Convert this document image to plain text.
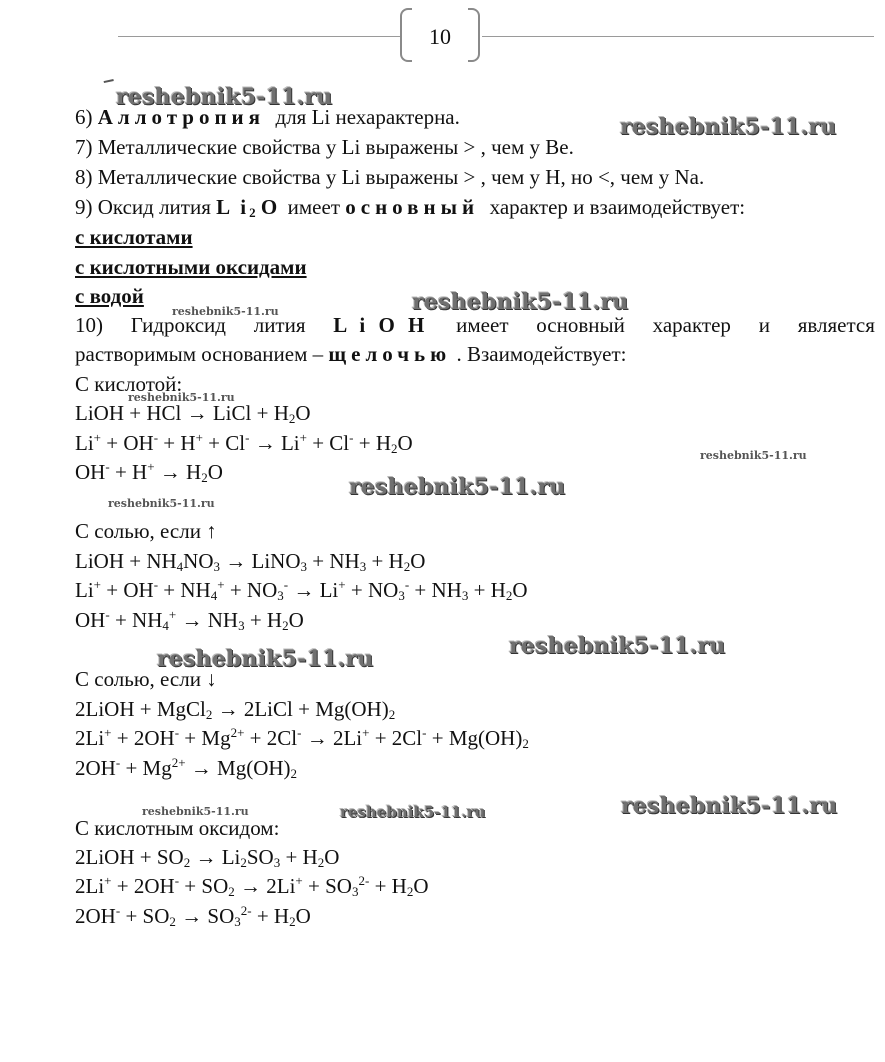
10
reshebnik5-11.ru
reshebnik5-11.ru
reshebnik5-11.ru	reshebnik5-11.ru
reshebnik5-11.ru
reshebnik5-11.ru
reshebnik5-11.ru
reshebnik5-11.ru
reshebnik5-11.ru
reshebnik5-11.ru
reshebnik5-11.ru
reshebnik5-11.ru	reshebnik5-11.ru
6) Аллотропия для Li нехарактерна.
7) Металлические свойства у Li выражены > , чем у Be.
8) Металлические свойства у Li выражены > , чем у H, но <, чем у Na.
9) Оксид лития L $i_2$ O имеет основный характер и взаимодействует:
с кислотами
с кислотными оксидами
с водой
10) Гидроксид лития L i O H имеет основный характер и является
растворимым основанием – щелочью . Взаимодействует:
С кислотой:
LiOH + HCl → LiCl + $H_2O$
$Li^+ + OH^- + H^+ + Cl^- \to Li^+ + Cl^- + H_2O$
$OH^- + H^+ \to H_2O$
С солью, если ↑
LiOH + $NH_4NO_3$ → LiNO$_3$ + $NH_3 + H_2O$
$Li^+ + OH^- + NH_4^+ + NO_3^- \to Li^+ + NO_3^- + NH_3 + H_2O$
$OH^- + NH_4^+ \to NH_3 + H_2O$
С солью, если ↓
2LiOH + MgCl$_2$ → 2LiCl + $Mg(OH)_2$
$2Li^+ + 2OH^- + Mg^{2+} + 2Cl^- \to 2Li^+ + 2Cl^- + Mg(OH)_2$
$2OH^- + Mg^{2+} \to Mg(OH)_2$
С кислотным оксидом:
2LiOH + $SO_2 \to Li_2SO_3 + H_2O$
$2Li^+ + 2OH^- + SO_2 \to 2Li^+ + SO_3^{2-} + H_2O$
$2OH^- + SO_2 \to SO_3^{2-} + H_2O$
